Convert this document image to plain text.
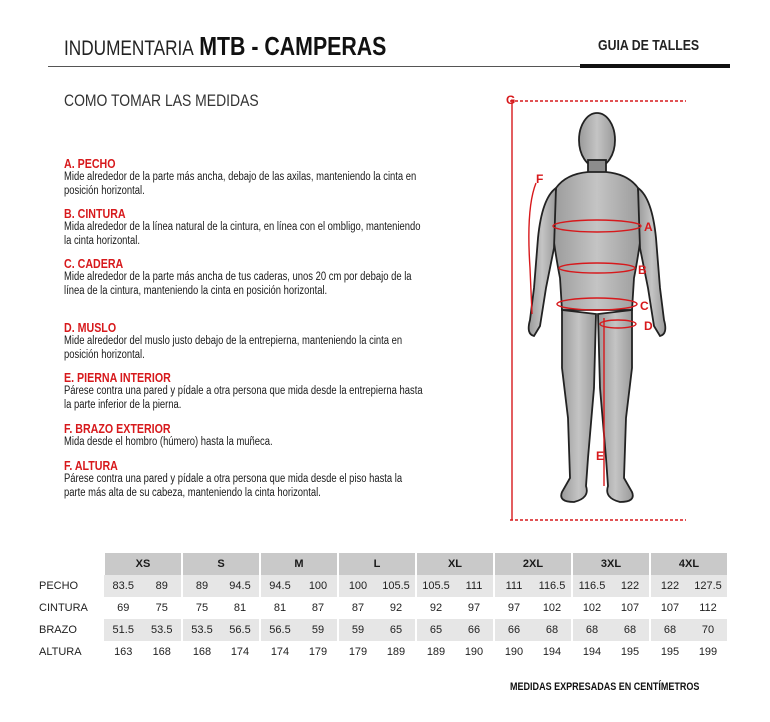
INDUMENTARIA MTB - CAMPERAS	GUIA DE TALLES
COMO TOMAR LAS MEDIDAS
A. PECHO

Mide alrededor de la parte más ancha, debajo de las axilas, manteniendo la cinta en posición horizontal.

B. CINTURA

Mida alrededor de la línea natural de la cintura, en línea con el ombligo, manteniendo la cinta horizontal.

C. CADERA

Mide alrededor de la parte más ancha de tus caderas, unos 20 cm por debajo de la línea de la cintura, manteniendo la cinta en posición horizontal.

D. MUSLO

Mide alrededor del muslo justo debajo de la entrepierna, manteniendo la cinta en posición horizontal.

E. PIERNA INTERIOR

Párese contra una pared y pídale a otra persona que mida desde la entrepierna hasta la parte inferior de la pierna.

F. BRAZO EXTERIOR

Mida desde el hombro (húmero) hasta la muñeca.

F. ALTURA

Párese contra una pared y pídale a otra persona que mida desde el piso hasta la parte más alta de su cabeza, manteniendo la cinta horizontal.

G
F
A
B
C
D
E
	XS		S		M		L		XL		2XL		3XL		4XL	
PECHO	83.5	89	89	94.5	94.5	100	100	105.5	105.5	111	111	116.5	116.5	122	122	127.5
CINTURA	69	75	75	81	81	87	87	92	92	97	97	102	102	107	107	112
BRAZO	51.5	53.5	53.5	56.5	56.5	59	59	65	65	66	66	68	68	68	68	70
ALTURA	163	168	168	174	174	179	179	189	189	190	190	194	194	195	195	199
MEDIDAS EXPRESADAS EN CENTÍMETROS
